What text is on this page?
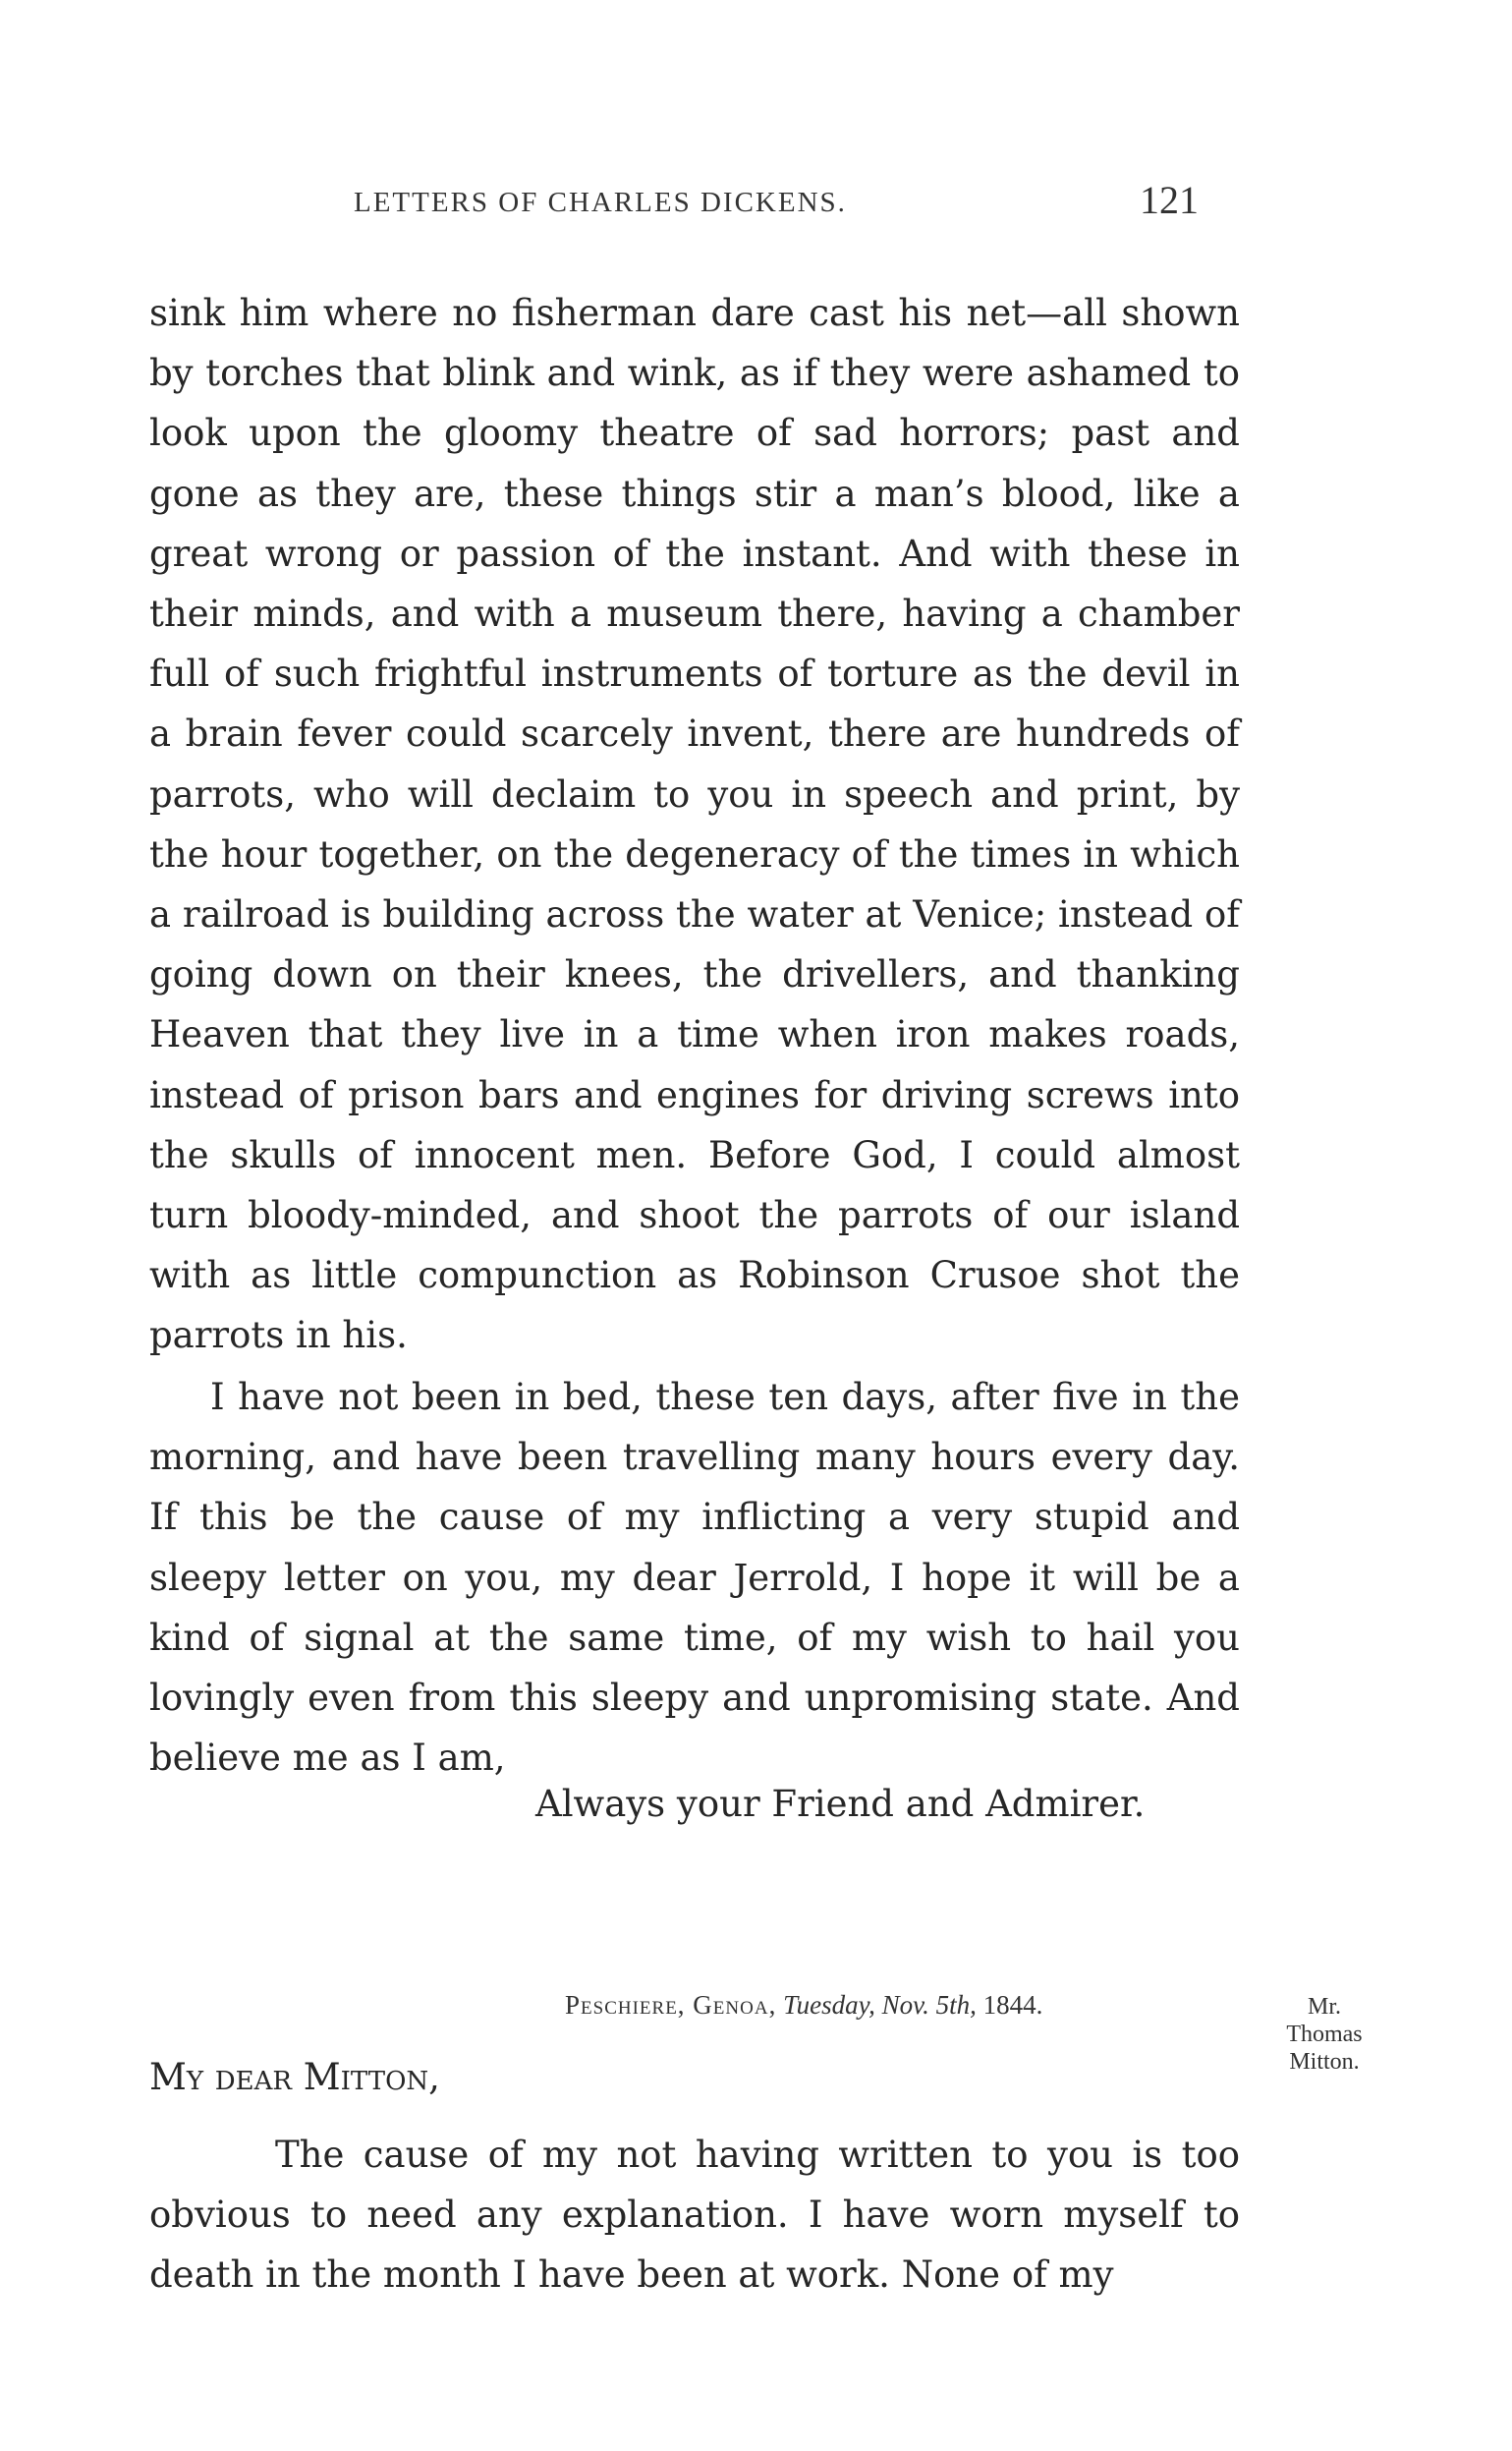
LETTERS OF CHARLES DICKENS.	121

sink him where no fisherman dare cast his net—all shown by torches that blink and wink, as if they were ashamed to look upon the gloomy theatre of sad horrors; past and gone as they are, these things stir a man’s blood, like a great wrong or passion of the instant. And with these in their minds, and with a museum there, having a chamber full of such frightful instruments of torture as the devil in a brain fever could scarcely invent, there are hundreds of parrots, who will declaim to you in speech and print, by the hour together, on the degeneracy of the times in which a railroad is building across the water at Venice; instead of going down on their knees, the drivellers, and thanking Heaven that they live in a time when iron makes roads, instead of prison bars and engines for driving screws into the skulls of innocent men. Before God, I could almost turn bloody-minded, and shoot the parrots of our island with as little compunction as Robinson Crusoe shot the parrots in his.

I have not been in bed, these ten days, after five in the morning, and have been travelling many hours every day. If this be the cause of my inflicting a very stupid and sleepy letter on you, my dear Jerrold, I hope it will be a kind of signal at the same time, of my wish to hail you lovingly even from this sleepy and unpromising state. And believe me as I am,

Always your Friend and Admirer.
Peschiere, Genoa, Tuesday, Nov. 5th, 1844.	Mr.
Thomas
Mitton.
My dear Mitton,

The cause of my not having written to you is too obvious to need any explanation. I have worn myself to death in the month I have been at work. None of my
